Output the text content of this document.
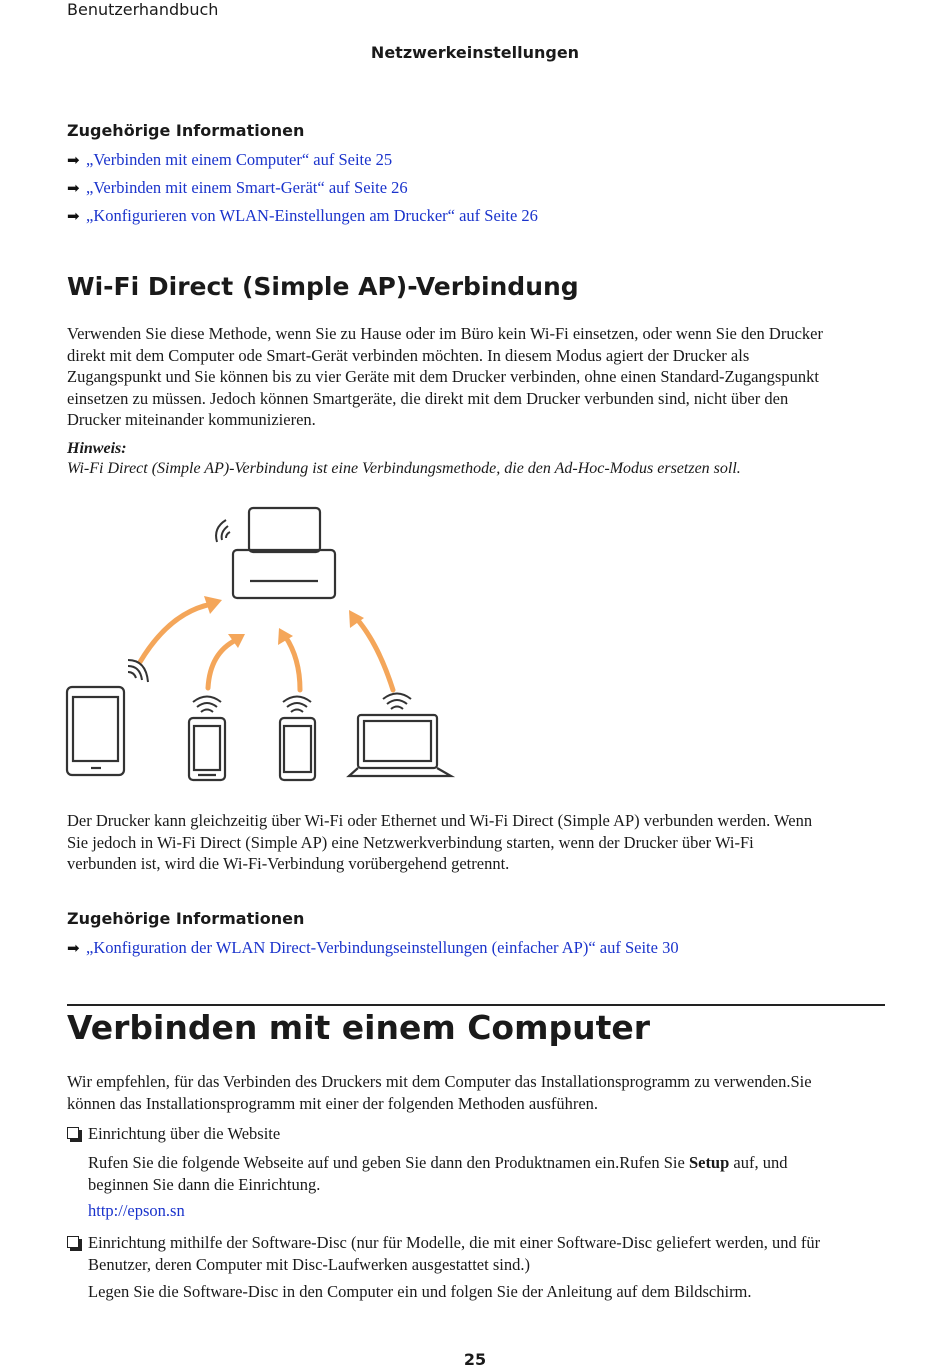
Benutzerhandbuch
Netzwerkeinstellungen
Zugehörige Informationen
➡ „Verbinden mit einem Computer“ auf Seite 25
➡ „Verbinden mit einem Smart-Gerät“ auf Seite 26
➡ „Konfigurieren von WLAN-Einstellungen am Drucker“ auf Seite 26
Wi-Fi Direct (Simple AP)-Verbindung
Verwenden Sie diese Methode, wenn Sie zu Hause oder im Büro kein Wi-Fi einsetzen, oder wenn Sie den Drucker
direkt mit dem Computer ode Smart-Gerät verbinden möchten. In diesem Modus agiert der Drucker als
Zugangspunkt und Sie können bis zu vier Geräte mit dem Drucker verbinden, ohne einen Standard-Zugangspunkt
einsetzen zu müssen. Jedoch können Smartgeräte, die direkt mit dem Drucker verbunden sind, nicht über den
Drucker miteinander kommunizieren.
Hinweis:
Wi-Fi Direct (Simple AP)-Verbindung ist eine Verbindungsmethode, die den Ad-Hoc-Modus ersetzen soll.
Der Drucker kann gleichzeitig über Wi-Fi oder Ethernet und Wi-Fi Direct (Simple AP) verbunden werden. Wenn
Sie jedoch in Wi-Fi Direct (Simple AP) eine Netzwerkverbindung starten, wenn der Drucker über Wi-Fi
verbunden ist, wird die Wi-Fi-Verbindung vorübergehend getrennt.
Zugehörige Informationen
➡ „Konfiguration der WLAN Direct-Verbindungseinstellungen (einfacher AP)“ auf Seite 30
Verbinden mit einem Computer
Wir empfehlen, für das Verbinden des Druckers mit dem Computer das Installationsprogramm zu verwenden.Sie
können das Installationsprogramm mit einer der folgenden Methoden ausführen.
Einrichtung über die Website
Rufen Sie die folgende Webseite auf und geben Sie dann den Produktnamen ein.Rufen Sie Setup auf, und
beginnen Sie dann die Einrichtung.
http://epson.sn
Einrichtung mithilfe der Software-Disc (nur für Modelle, die mit einer Software-Disc geliefert werden, und für
Benutzer, deren Computer mit Disc-Laufwerken ausgestattet sind.)
Legen Sie die Software-Disc in den Computer ein und folgen Sie der Anleitung auf dem Bildschirm.
25
